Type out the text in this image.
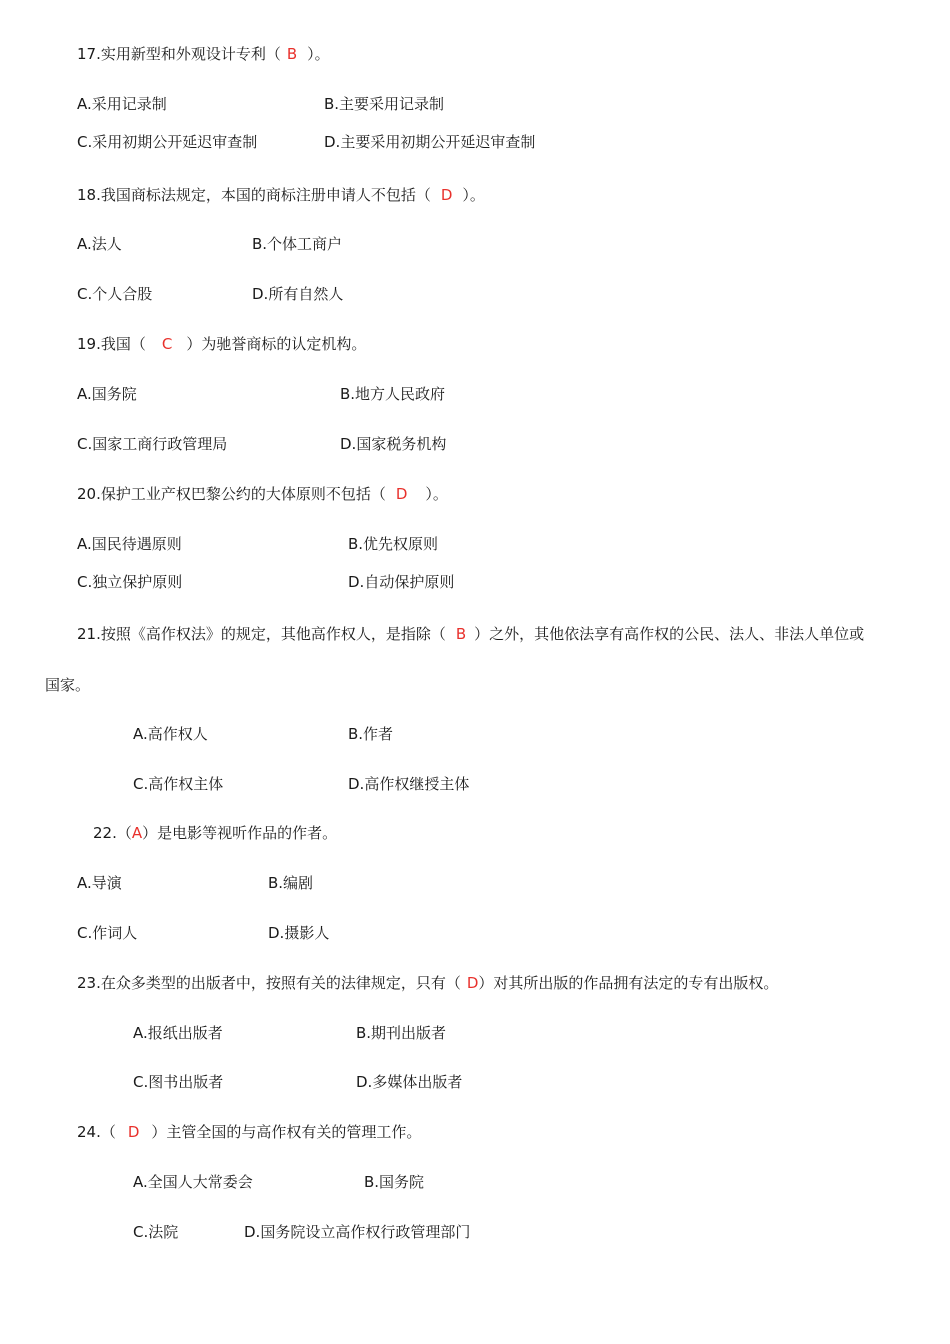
17.实用新型和外观设计专利（ B ）。
A.采用记录制	B.主要采用记录制
C.采用初期公开延迟审查制	D.主要采用初期公开延迟审查制
18.我国商标法规定，本国的商标注册申请人不包括（ D ）。
A.法人	B.个体工商户
C.个人合股	D.所有自然人
19.我国（ C ）为驰誉商标的认定机构。
A.国务院	B.地方人民政府
C.国家工商行政管理局	D.国家税务机构
20.保护工业产权巴黎公约的大体原则不包括（ D ）。
A.国民待遇原则	B.优先权原则
C.独立保护原则	D.自动保护原则
21.按照《高作权法》的规定，其他高作权人，是指除（ B ）之外，其他依法享有高作权的公民、法人、非法人单位或
国家。
A.高作权人	B.作者
C.高作权主体	D.高作权继授主体
22.（A）是电影等视听作品的作者。
A.导演	B.编剧
C.作词人	D.摄影人
23.在众多类型的出版者中，按照有关的法律规定，只有（ D）对其所出版的作品拥有法定的专有出版权。
A.报纸出版者	B.期刊出版者
C.图书出版者	D.多媒体出版者
24.（ D ）主管全国的与高作权有关的管理工作。
A.全国人大常委会	B.国务院
C.法院	D.国务院设立高作权行政管理部门
